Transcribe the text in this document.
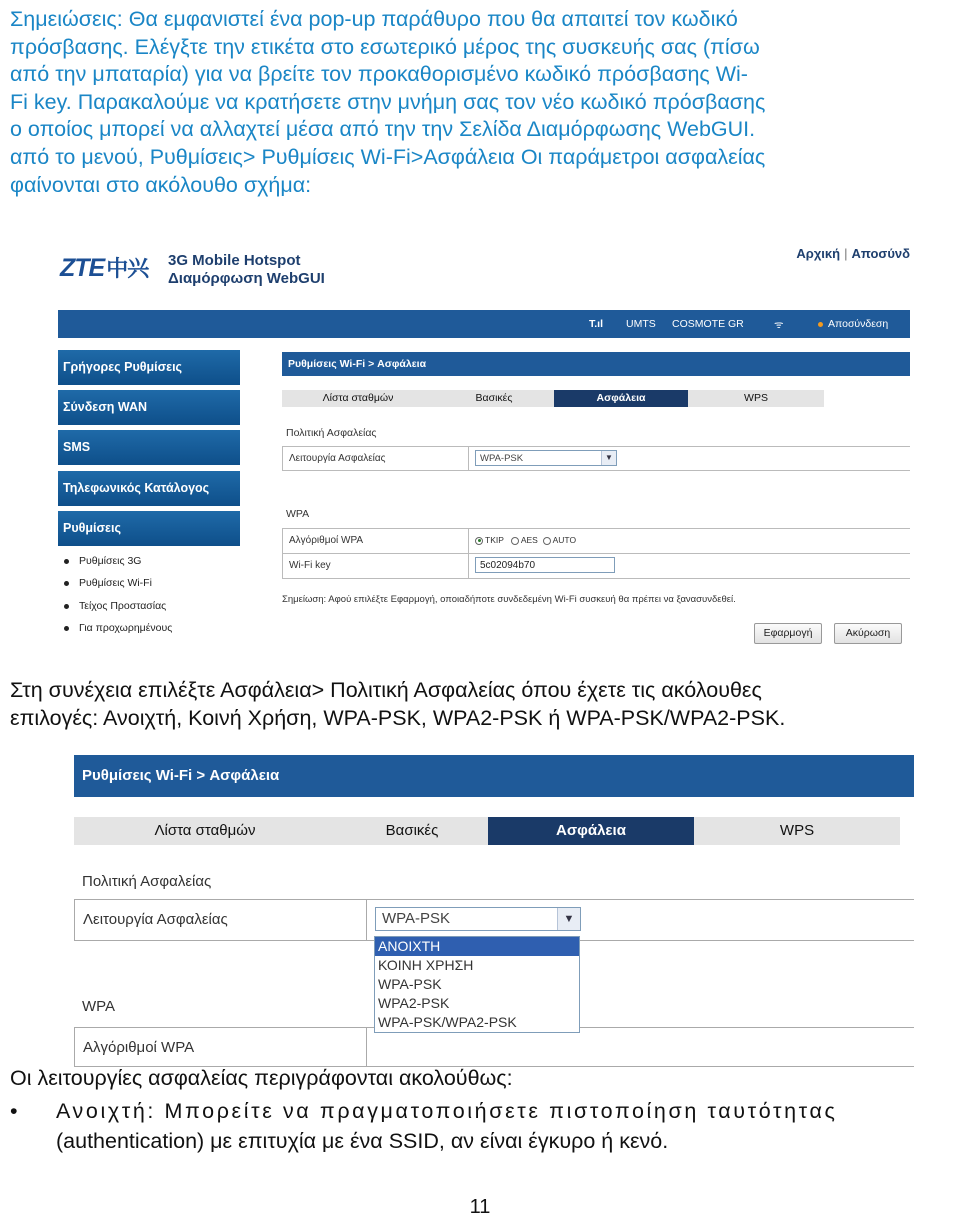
Σημειώσεις: Θα εμφανιστεί ένα pop-up παράθυρο που θα απαιτεί τον κωδικό
πρόσβασης. Ελέγξτε την ετικέτα στο εσωτερικό μέρος της συσκευής σας (πίσω
από την μπαταρία) για να βρείτε τον προκαθορισμένο κωδικό πρόσβασης Wi-
Fi key. Παρακαλούμε να κρατήσετε στην μνήμη σας τον νέο κωδικό πρόσβασης
ο οποίος μπορεί να αλλαχτεί μέσα από την την Σελίδα Διαμόρφωσης WebGUI.
από το μενού, Ρυθμίσεις> Ρυθμίσεις Wi-Fi>Ασφάλεια Οι παράμετροι ασφαλείας
φαίνονται στο ακόλουθο σχήμα:
ZTE中兴 3G Mobile Hotspot
Διαμόρφωση WebGUI
Αρχική | Αποσύνδ
T.ıl UMTS COSMOTE GR	ᯤ	Αποσύνδεση
Γρήγορες Ρυθμίσεις
Σύνδεση WAN
SMS
Τηλεφωνικός Κατάλογος
Ρυθμίσεις
Ρυθμίσεις 3G
Ρυθμίσεις Wi-Fi
Τείχος Προστασίας
Για προχωρημένους
Ρυθμίσεις Wi-Fi > Ασφάλεια
Λίστα σταθμών	Βασικές	Ασφάλεια	WPS
Πολιτική Ασφαλείας
Λειτουργία Ασφαλείας	WPA-PSK	▼
WPA
Αλγόριθμοί WPA	TKIP AES AUTO
Wi-Fi key	5c02094b70
Σημείωση: Αφού επιλέξτε Εφαρμογή, οποιαδήποτε συνδεδεμένη Wi-Fi συσκευή θα πρέπει να ξανασυνδεθεί.
Εφαρμογή	Ακύρωση
Στη συνέχεια επιλέξτε Ασφάλεια> Πολιτική Ασφαλείας όπου έχετε τις ακόλουθες
επιλογές: Ανοιχτή, Κοινή Χρήση, WPA-PSK, WPA2-PSK ή WPA-PSK/WPA2-PSK.
Ρυθμίσεις Wi-Fi > Ασφάλεια
Λίστα σταθμών	Βασικές	Ασφάλεια	WPS
Πολιτική Ασφαλείας
Λειτουργία Ασφαλείας	WPA-PSK	▼
WPA
Αλγόριθμοί WPA
ΑΝΟΙΧΤΗ
ΚΟΙΝΗ ΧΡΗΣΗ
WPA-PSK
WPA2-PSK
WPA-PSK/WPA2-PSK
Οι λειτουργίες ασφαλείας περιγράφονται ακολούθως:
• Ανοιχτή: Μπορείτε να πραγματοποιήσετε πιστοποίηση ταυτότητας
(authentication) με επιτυχία με ένα SSID, αν είναι έγκυρο ή κενό.
11
